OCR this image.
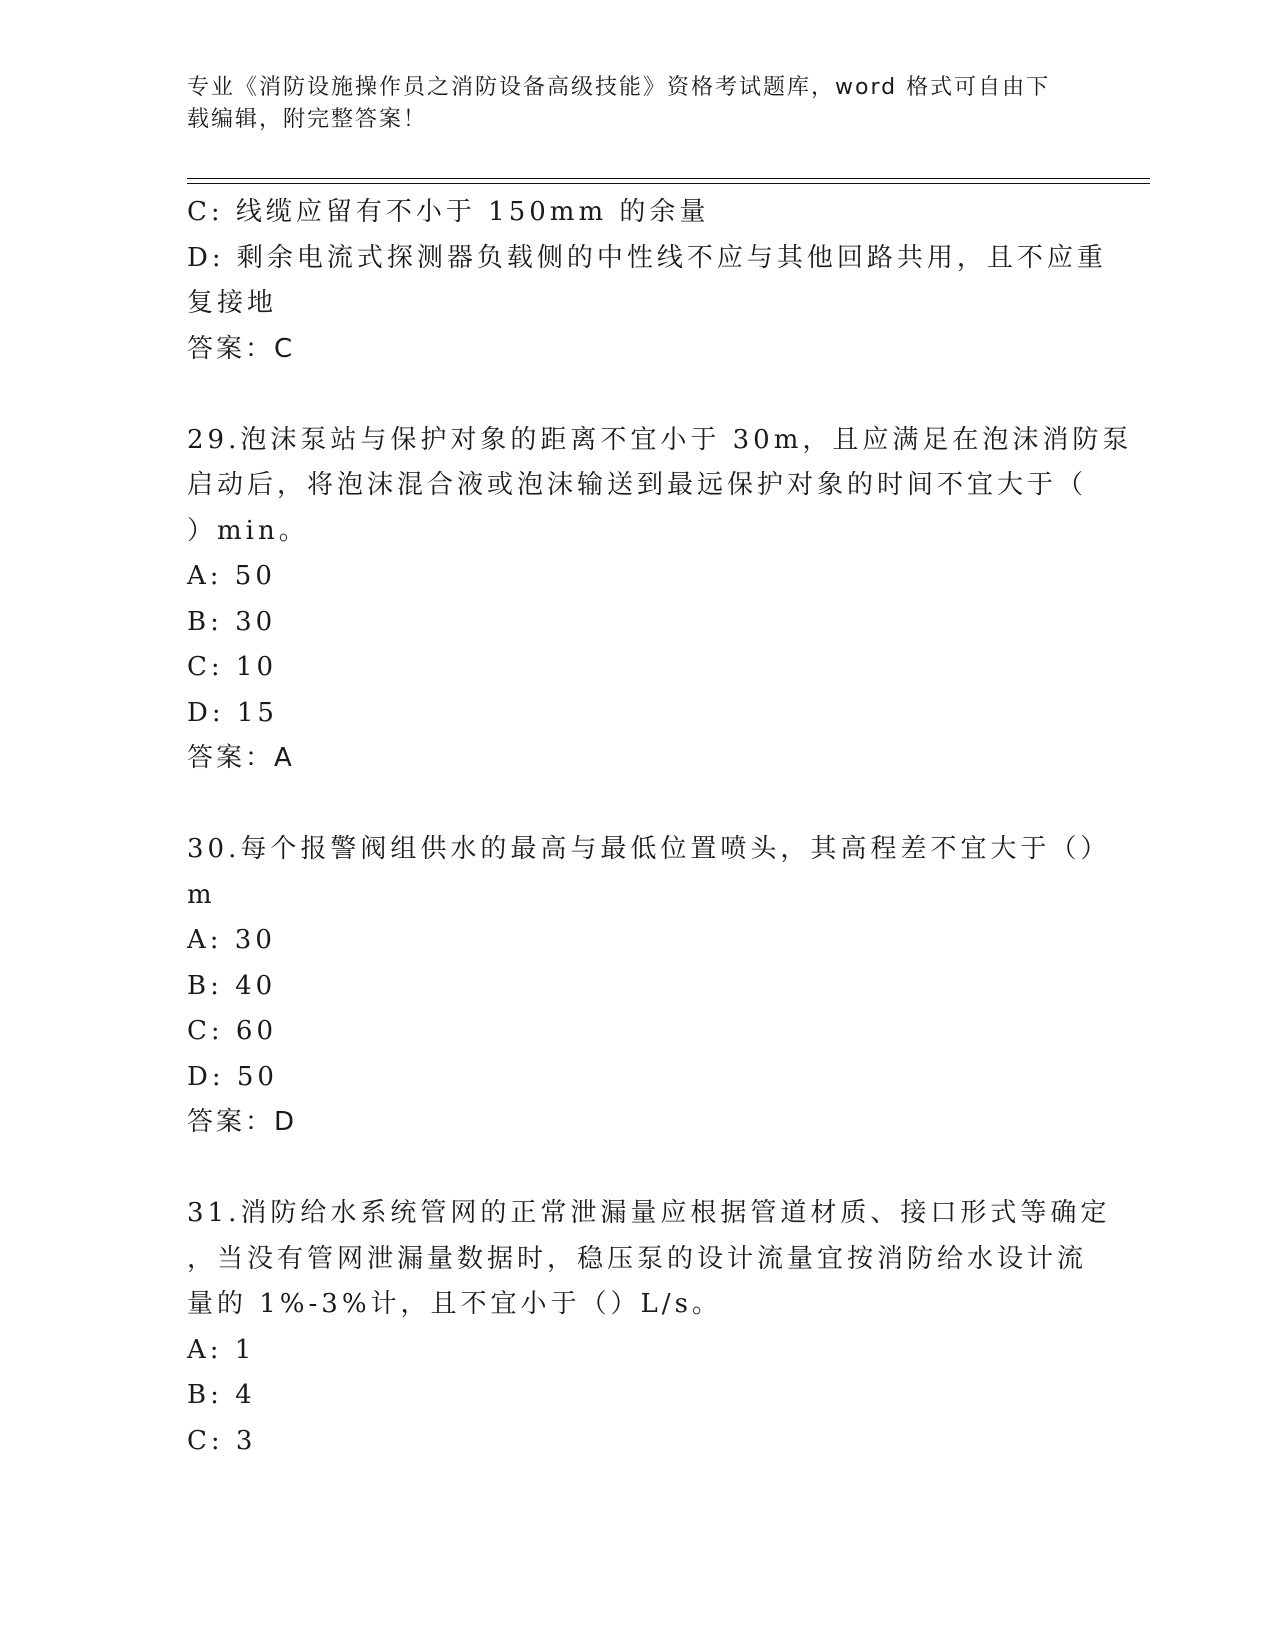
专业《消防设施操作员之消防设备高级技能》资格考试题库，word 格式可自由下
载编辑，附完整答案！

C: 线缆应留有不小于 150mm 的余量

D: 剩余电流式探测器负载侧的中性线不应与其他回路共用，且不应重

复接地

答案：C

29.泡沫泵站与保护对象的距离不宜小于 30m，且应满足在泡沫消防泵

启动后，将泡沫混合液或泡沫输送到最远保护对象的时间不宜大于（

）min。

A: 50

B: 30

C: 10

D: 15

答案：A

30.每个报警阀组供水的最高与最低位置喷头，其高程差不宜大于（）

m

A: 30

B: 40

C: 60

D: 50

答案：D

31.消防给水系统管网的正常泄漏量应根据管道材质、接口形式等确定

，当没有管网泄漏量数据时，稳压泵的设计流量宜按消防给水设计流

量的 1%-3%计，且不宜小于（）L/s。

A: 1

B: 4

C: 3
